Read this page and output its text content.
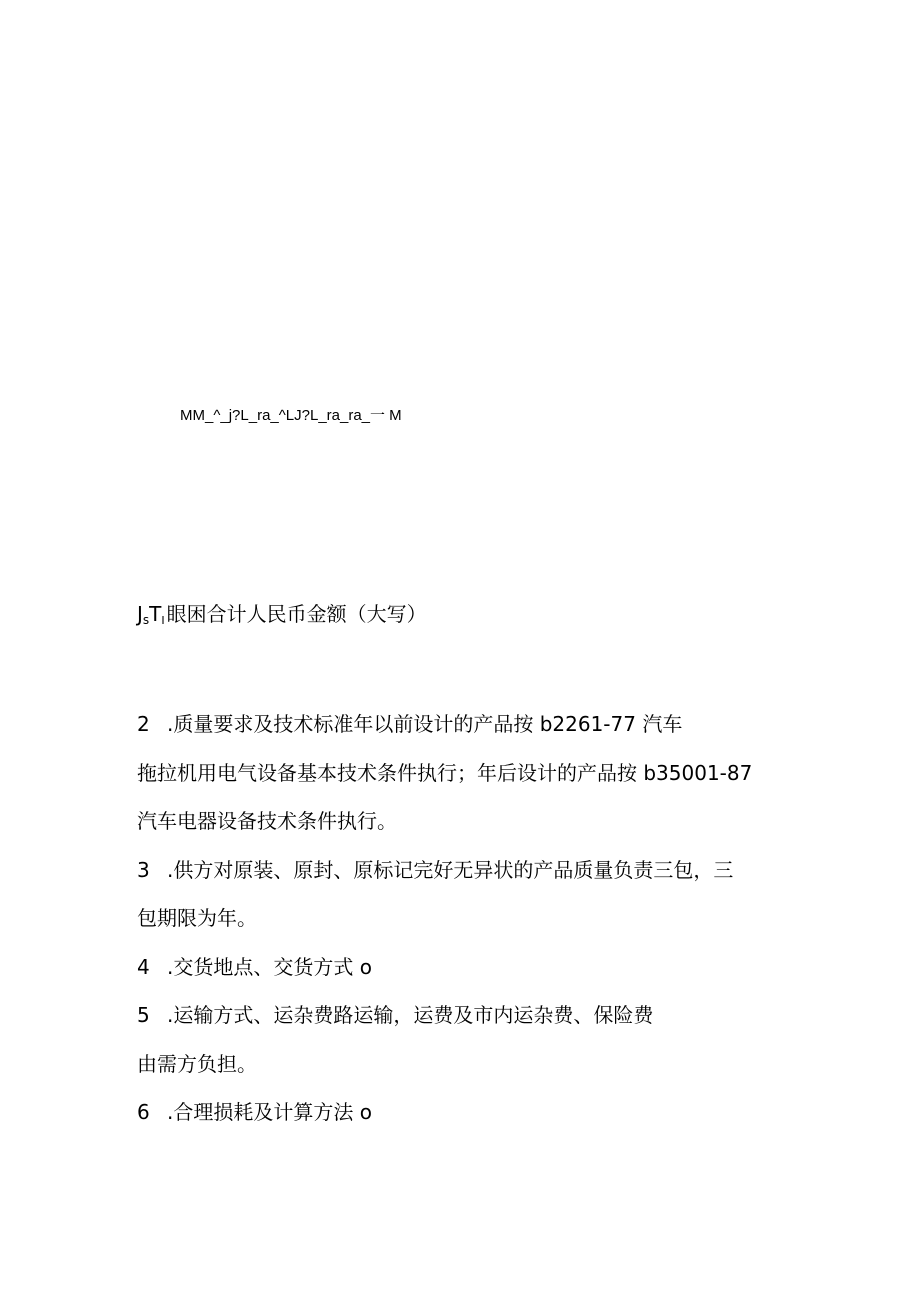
MM_^_j?L_ra_^LJ?L_ra_ra_一 M
$J_sTI$ 眼困合计人民币金额（大写）
2 .质量要求及技术标准年以前设计的产品按 b2261-77 汽车
拖拉机用电气设备基本技术条件执行；年后设计的产品按 b35001-87
汽车电器设备技术条件执行。
3 .供方对原装、原封、原标记完好无异状的产品质量负责三包，三
包期限为年。
4 .交货地点、交货方式 o
5 .运输方式、运杂费路运输，运费及市内运杂费、保险费
由需方负担。
6 .合理损耗及计算方法 o
